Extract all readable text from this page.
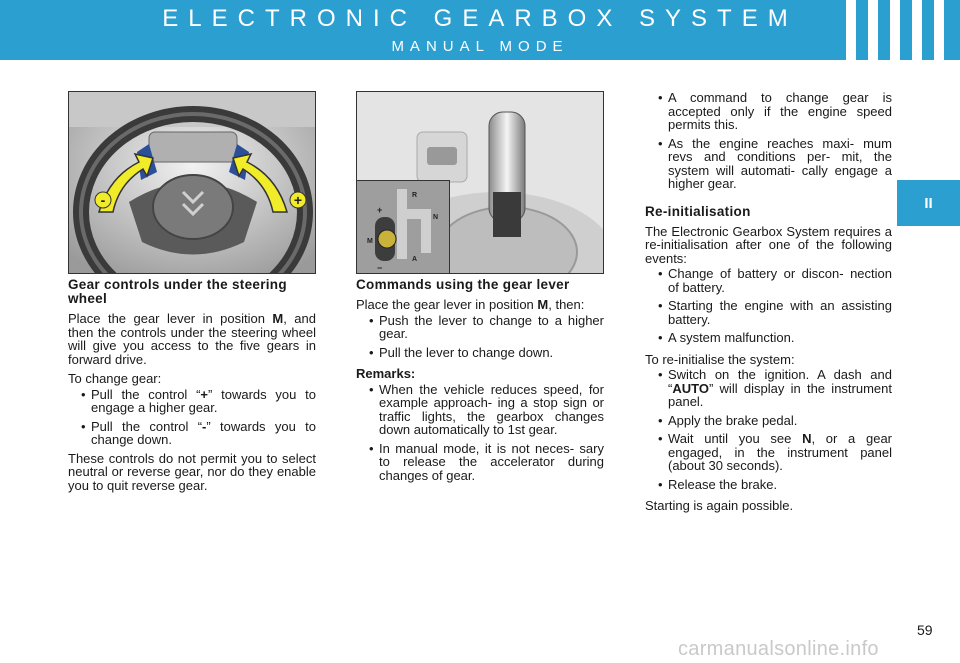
ELECTRONIC GEARBOX SYSTEM
MANUAL MODE
II
-	+	R
N
M
A
+
−
Gear controls under the steering wheel

Place the gear lever in position M, and then the controls under the steering wheel will give you access to the five gears in forward drive.

To change gear:

• Pull the control “+” towards you to engage a higher gear.
• Pull the control “-” towards you to change down.

These controls do not permit you to select neutral or reverse gear, nor do they enable you to quit reverse gear.

Commands using the gear lever

Place the gear lever in position M, then:

• Push the lever to change to a higher gear.
• Pull the lever to change down.
Remarks:
• When the vehicle reduces speed, for example approach- ing a stop sign or traffic lights, the gearbox changes down automatically to 1st gear.
• In manual mode, it is not neces- sary to release the accelerator during changes of gear.
• A command to change gear is accepted only if the engine speed permits this.
• As the engine reaches maxi- mum revs and conditions per- mit, the system will automati- cally engage a higher gear.
Re-initialisation

The Electronic Gearbox System requires a re-initialisation after one of the following events:

• Change of battery or discon- nection of battery.
• Starting the engine with an assisting battery.
• A system malfunction.

To re-initialise the system:

• Switch on the ignition. A dash and “AUTO” will display in the instrument panel.
• Apply the brake pedal.
• Wait until you see N, or a gear engaged, in the instrument panel (about 30 seconds).
• Release the brake.

Starting is again possible.

59
carmanualsonline.info
